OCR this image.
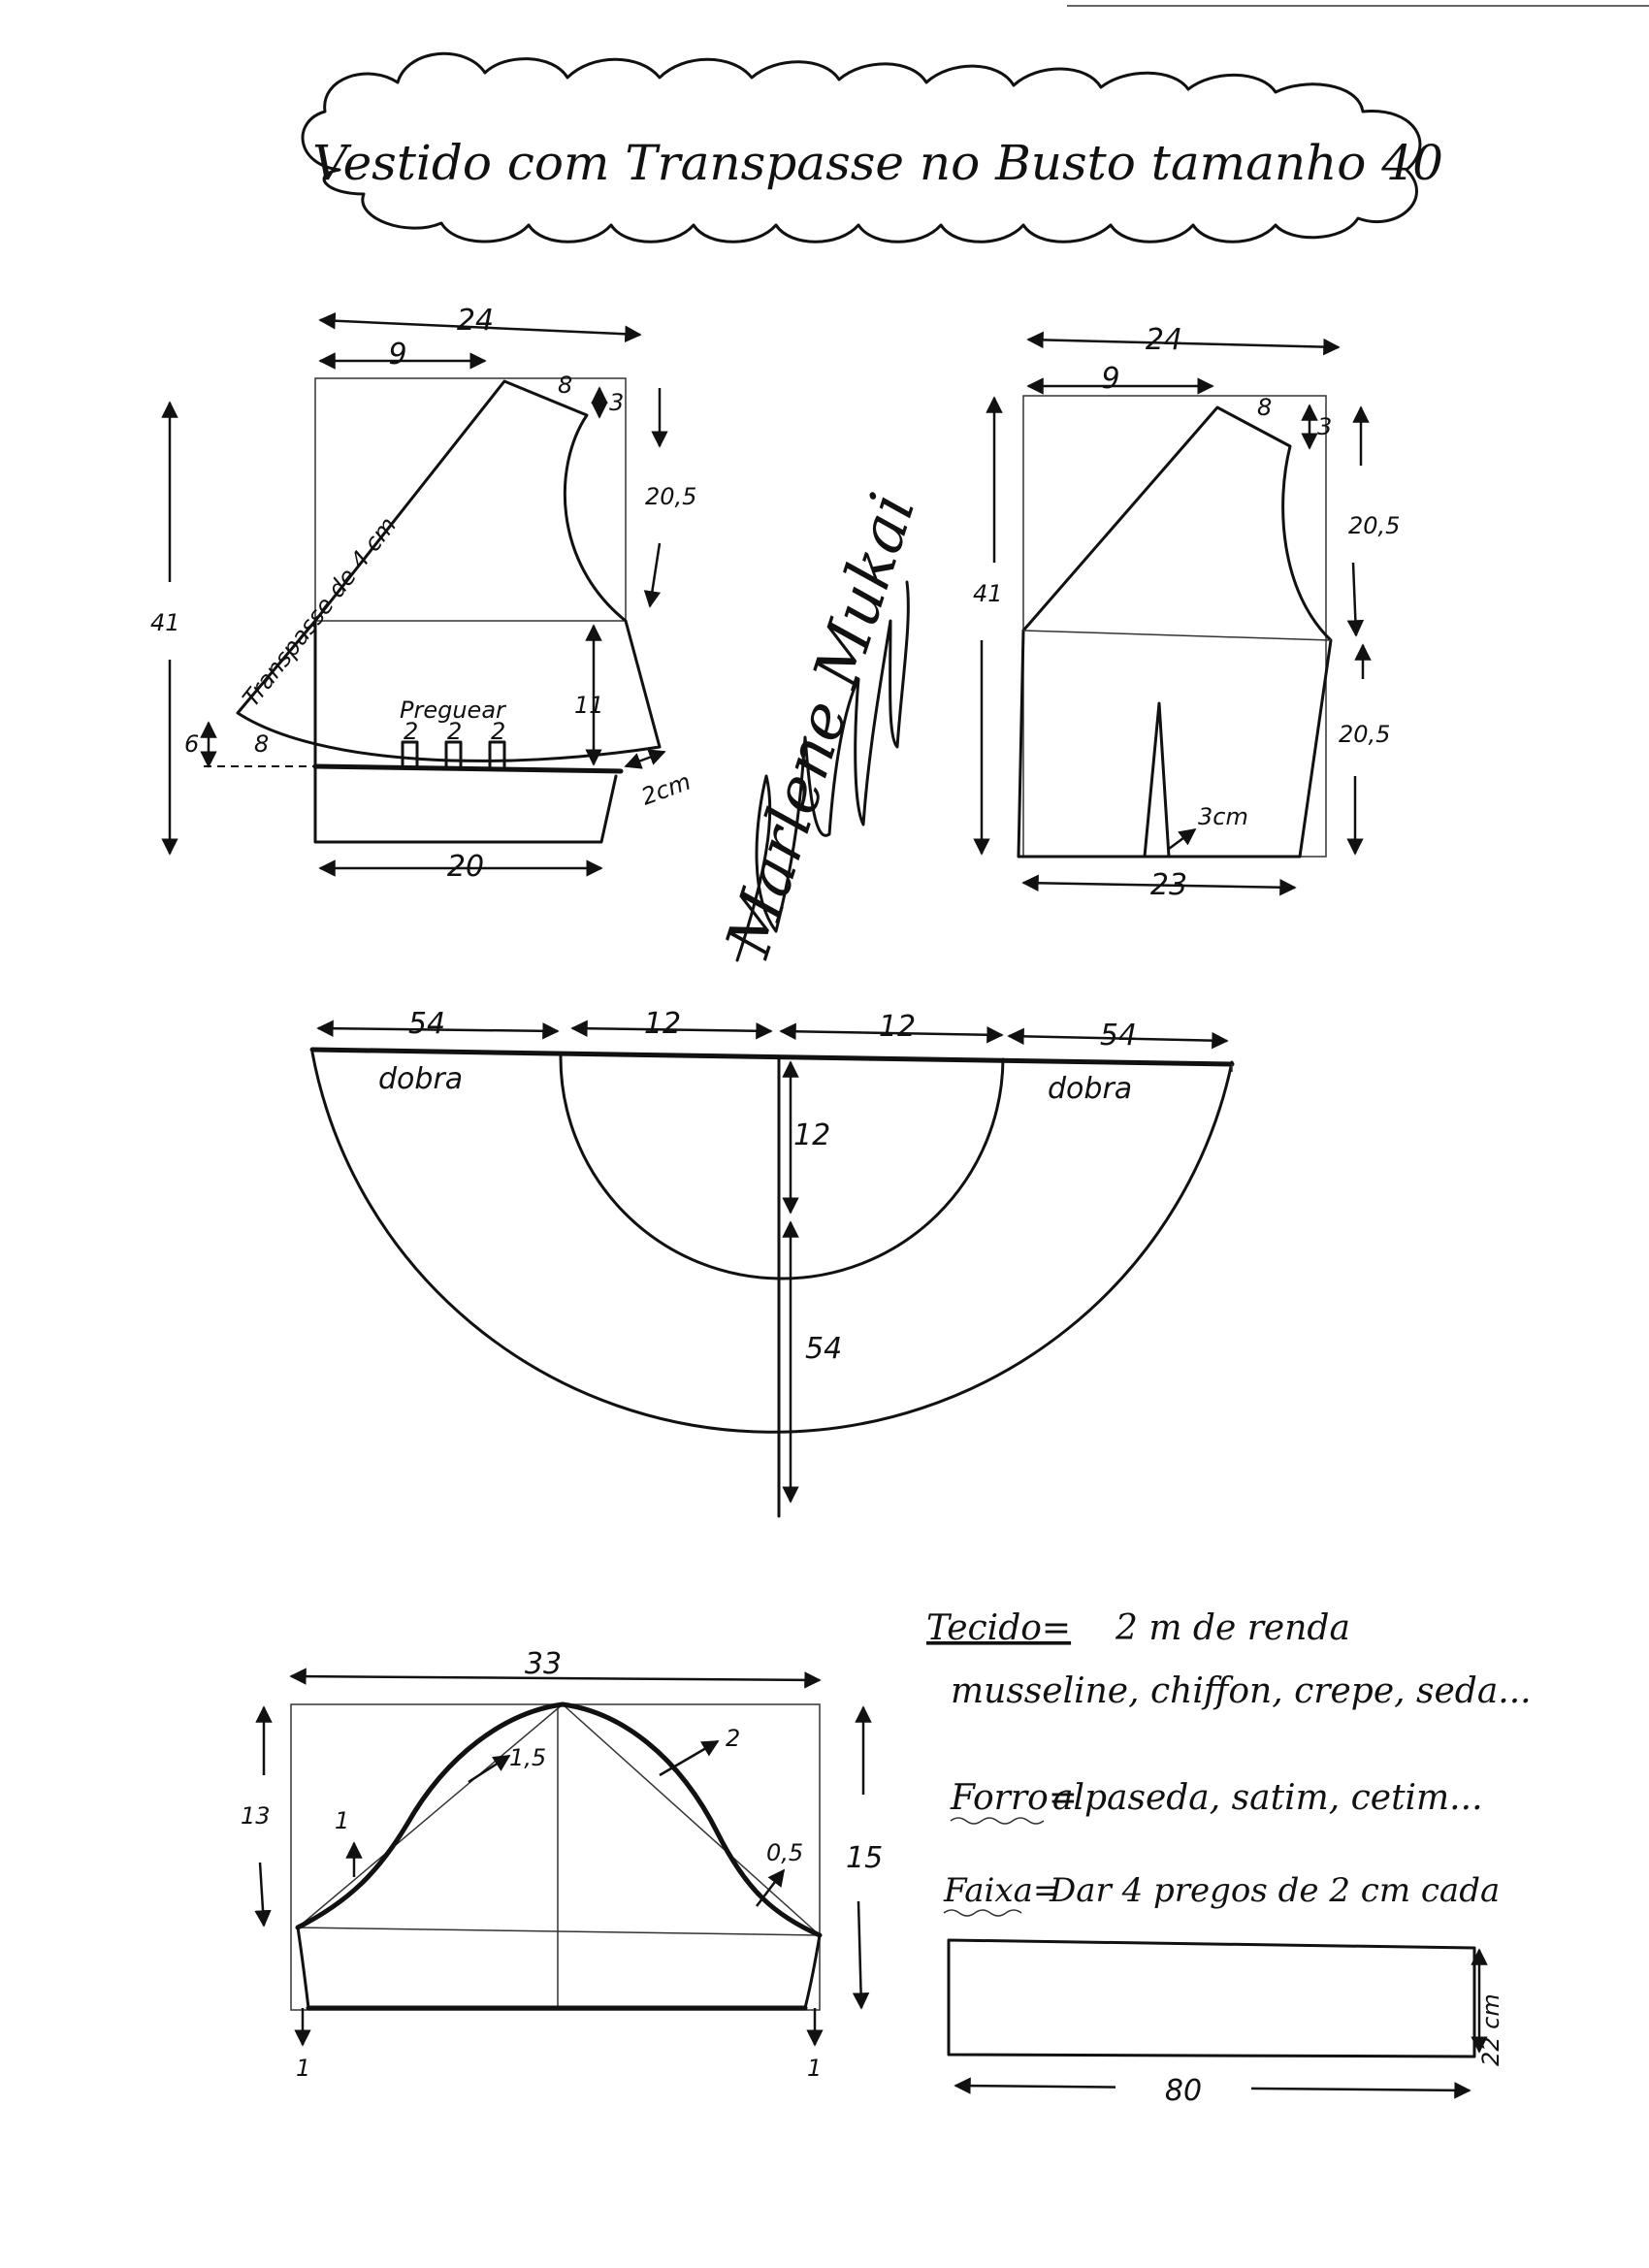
Vestido com Transpasse no Busto tamanho 40
24
9
8
3
20,5
41 Transpasse de 4 cm
Preguear
2 2 2
11
6 8
2cm
20
24
9
8
3
20,5
41
20,5
3cm
23
Marlene Mukai
54	12	12	54
dobra	dobra
12
54
33
13
15
1,5
1
2
0,5
1	1
Tecido= 2 m de renda
musseline, chiffon, crepe, seda...
Forro=
alpaseda, satim, cetim...
Faixa=
Dar 4 pregos de 2 cm cada
80
22 cm
